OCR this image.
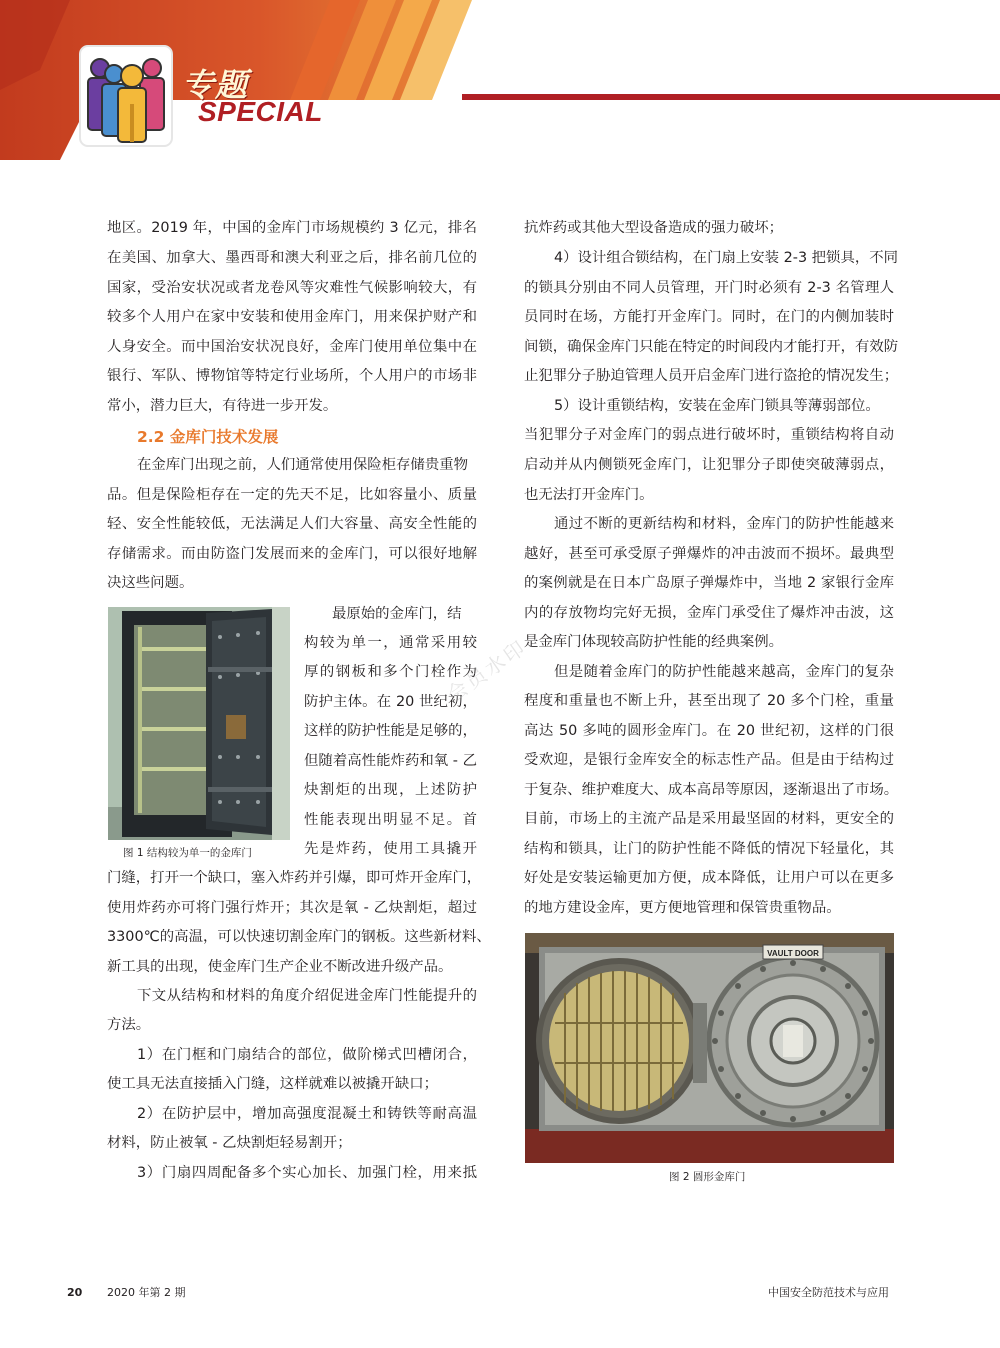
专题
SPECIAL
地区。2019 年，中国的金库门市场规模约 3 亿元，排名
在美国、加拿大、墨西哥和澳大利亚之后，排名前几位的
国家，受治安状况或者龙卷风等灾难性气候影响较大，有
较多个人用户在家中安装和使用金库门，用来保护财产和
人身安全。而中国治安状况良好，金库门使用单位集中在
银行、军队、博物馆等特定行业场所，个人用户的市场非
常小，潜力巨大，有待进一步开发。
2.2 金库门技术发展
在金库门出现之前，人们通常使用保险柜存储贵重物
品。但是保险柜存在一定的先天不足，比如容量小、质量
轻、安全性能较低，无法满足人们大容量、高安全性能的
存储需求。而由防盗门发展而来的金库门，可以很好地解
决这些问题。
图 1 结构较为单一的金库门
最原始的金库门，结
构较为单一，通常采用较
厚的钢板和多个门栓作为
防护主体。在 20 世纪初，
这样的防护性能是足够的，
但随着高性能炸药和氧 - 乙
炔割炬的出现，上述防护
性能表现出明显不足。首
先是炸药，使用工具撬开
门缝，打开一个缺口，塞入炸药并引爆，即可炸开金库门，
使用炸药亦可将门强行炸开；其次是氧 - 乙炔割炬，超过
3300℃的高温，可以快速切割金库门的钢板。这些新材料、
新工具的出现，使金库门生产企业不断改进升级产品。
下文从结构和材料的角度介绍促进金库门性能提升的
方法。
1）在门框和门扇结合的部位，做阶梯式凹槽闭合，
使工具无法直接插入门缝，这样就难以被撬开缺口；
2）在防护层中，增加高强度混凝土和铸铁等耐高温
材料，防止被氧 - 乙炔割炬轻易割开；
3）门扇四周配备多个实心加长、加强门栓，用来抵
抗炸药或其他大型设备造成的强力破坏；
4）设计组合锁结构，在门扇上安装 2-3 把锁具，不同
的锁具分别由不同人员管理，开门时必须有 2-3 名管理人
员同时在场，方能打开金库门。同时，在门的内侧加装时
间锁，确保金库门只能在特定的时间段内才能打开，有效防
止犯罪分子胁迫管理人员开启金库门进行盗抢的情况发生；
5）设计重锁结构，安装在金库门锁具等薄弱部位。
当犯罪分子对金库门的弱点进行破坏时，重锁结构将自动
启动并从内侧锁死金库门，让犯罪分子即使突破薄弱点，
也无法打开金库门。
通过不断的更新结构和材料，金库门的防护性能越来
越好，甚至可承受原子弹爆炸的冲击波而不损坏。最典型
的案例就是在日本广岛原子弹爆炸中，当地 2 家银行金库
内的存放物均完好无损，金库门承受住了爆炸冲击波，这
是金库门体现较高防护性能的经典案例。
但是随着金库门的防护性能越来越高，金库门的复杂
程度和重量也不断上升，甚至出现了 20 多个门栓，重量
高达 50 多吨的圆形金库门。在 20 世纪初，这样的门很
受欢迎，是银行金库安全的标志性产品。但是由于结构过
于复杂、维护难度大、成本高昂等原因，逐渐退出了市场。
目前，市场上的主流产品是采用最坚固的材料，更安全的
结构和锁具，让门的防护性能不降低的情况下轻量化，其
好处是安装运输更加方便，成本降低，让用户可以在更多
的地方建设金库，更方便地管理和保管贵重物品。
VAULT DOOR
图 2 圆形金库门
会员水印
20 2020 年第 2 期	中国安全防范技术与应用
